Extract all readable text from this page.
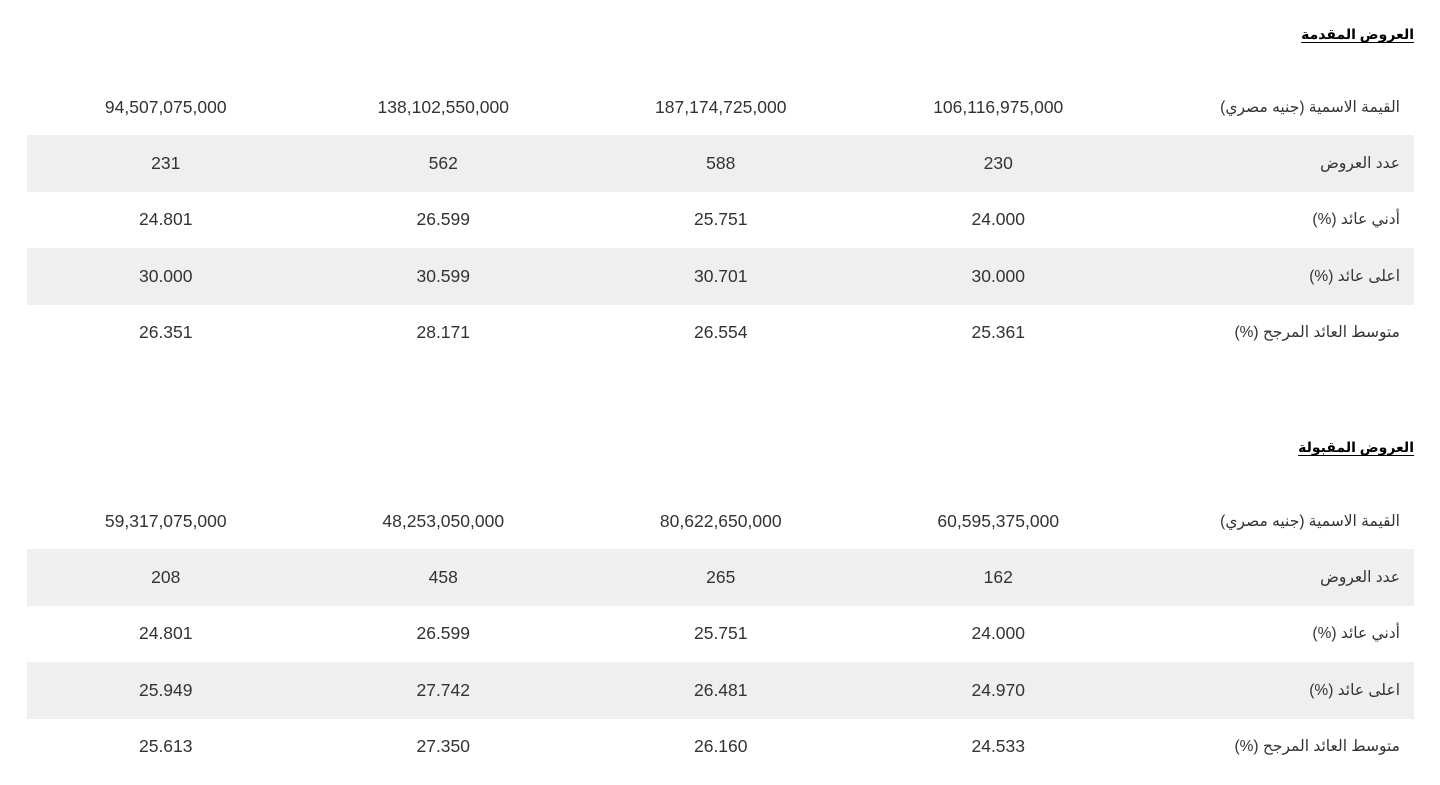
العروض المقدمة
القيمة الاسمية (جنيه مصري)	106,116,975,000	187,174,725,000	138,102,550,000	94,507,075,000
عدد العروض	230	588	562	231
أدني عائد (%)	24.000	25.751	26.599	24.801
اعلى عائد (%)	30.000	30.701	30.599	30.000
متوسط العائد المرجح (%)	25.361	26.554	28.171	26.351
العروض المقبولة
القيمة الاسمية (جنيه مصري)	60,595,375,000	80,622,650,000	48,253,050,000	59,317,075,000
عدد العروض	162	265	458	208
أدني عائد (%)	24.000	25.751	26.599	24.801
اعلى عائد (%)	24.970	26.481	27.742	25.949
متوسط العائد المرجح (%)	24.533	26.160	27.350	25.613
